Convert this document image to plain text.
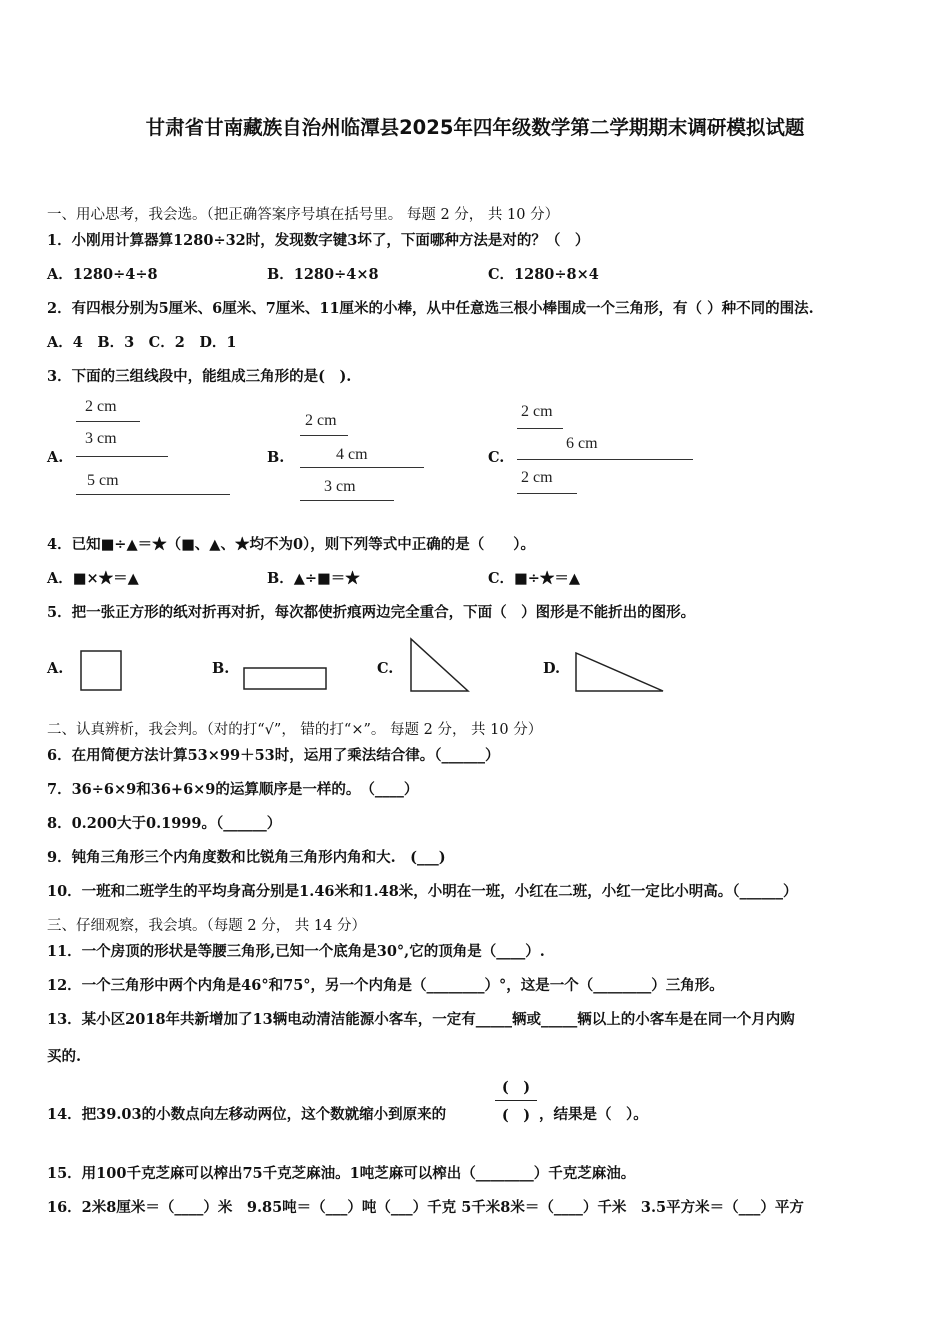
甘肃省甘南藏族自治州临潭县2025年四年级数学第二学期期末调研模拟试题
一、用心思考，我会选。（把正确答案序号填在括号里。 每题 2 分， 共 10 分）
1．小刚用计算器算1280÷32时，发现数字键3坏了，下面哪种方法是对的？（　）
A．1280÷4÷8	B．1280÷4×8	C．1280÷8×4
2．有四根分别为5厘米、6厘米、7厘米、11厘米的小棒，从中任意选三根小棒围成一个三角形，有（ ）种不同的围法.
A．4　B．3　C．2　D．1
3．下面的三组线段中，能组成三角形的是(　).
A.
2 cm
3 cm
5 cm
B.
2 cm
4 cm
3 cm
C.
2 cm
6 cm
2 cm
4．已知■÷▲＝★（■、▲、★均不为0），则下列等式中正确的是（　　）。
A．■×★＝▲	B．▲÷■＝★	C．■÷★＝▲
5．把一张正方形的纸对折再对折，每次都使折痕两边完全重合，下面（　）图形是不能折出的图形。
A.	B.	C.	D.
二、认真辨析，我会判。（对的打“√”， 错的打“×”。 每题 2 分， 共 10 分）
6．在用简便方法计算53×99＋53时，运用了乘法结合律。（______）
7．36÷6×9和36+6×9的运算顺序是一样的。　（____）
8．0.200大于0.1999。（______）
9．钝角三角形三个内角度数和比锐角三角形内角和大.　(___)
10．一班和二班学生的平均身高分别是1.46米和1.48米，小明在一班，小红在二班，小红一定比小明高。（______）
三、仔细观察，我会填。（每题 2 分， 共 14 分）
11．一个房顶的形状是等腰三角形,已知一个底角是30°,它的顶角是（____）.
12．一个三角形中两个内角是46°和75°，另一个内角是（________）°，这是一个（________）三角形。
13．某小区2018年共新增加了13辆电动清洁能源小客车，一定有_____辆或_____辆以上的小客车是在同一个月内购
买的.
14．把39.03的小数点向左移动两位，这个数就缩小到原来的
(　)
(　) ，结果是（　）。
15．用100千克芝麻可以榨出75千克芝麻油。1吨芝麻可以榨出（________）千克芝麻油。
16．2米8厘米＝（____）米　9.85吨＝（___）吨（___）千克 5千米8米＝（____）千米　3.5平方米＝（___）平方
